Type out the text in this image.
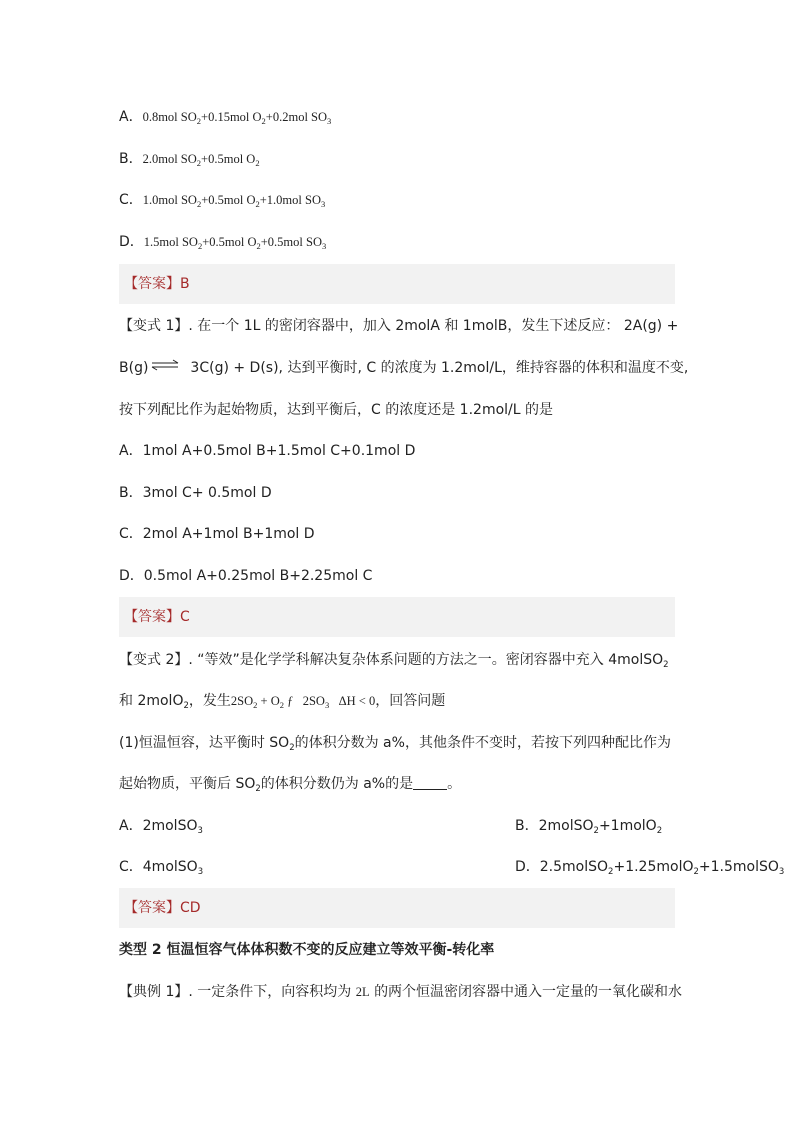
A．0.8mol $SO_2+0.15mol$ $O_2+0.2mol$ $SO_3$
B．2.0mol $SO_2+0.5mol$ $O_2$
C．1.0mol $SO_2+0.5mol$ $O_2+1.0mol$ $SO_3$
D．1.5mol $SO_2+0.5mol$ $O_2+0.5mol$ $SO_3$
【答案】B
【变式 1】. 在一个 1L 的密闭容器中，加入 2molA 和 1molB，发生下述反应： 2A(g) +
B(g) ⇌ 3C(g) + D(s), 达到平衡时, C 的浓度为 1.2mol/L，维持容器的体积和温度不变,
按下列配比作为起始物质，达到平衡后，C 的浓度还是 1.2mol/L 的是
A．1mol A+0.5mol B+1.5mol C+0.1mol D
B．3mol C+ 0.5mol D
C．2mol A+1mol B+1mol D
D．0.5mol A+0.25mol B+2.25mol C
【答案】C
【变式 2】. “等效”是化学学科解决复杂体系问题的方法之一。密闭容器中充入 4molSO$_2$
和 2molO$_2$，发生$2SO_2 + O_2$ ƒ   $2SO_3$   ΔH < 0，回答问题
(1)恒温恒容，达平衡时 $SO_2$的体积分数为 a%，其他条件不变时，若按下列四种配比作为
起始物质，平衡后 $SO_2$的体积分数仍为 a%的是 。
A．2molSO$_3$	B．2molSO$_2$+1molO$_2$
C．4molSO$_3$	D．2.5molSO$_2$+1.25molO$_2$+1.5molSO$_3$
【答案】CD
类型 2 恒温恒容气体体积数不变的反应建立等效平衡-转化率
【典例 1】. 一定条件下，向容积均为 2L 的两个恒温密闭容器中通入一定量的一氧化碳和水
